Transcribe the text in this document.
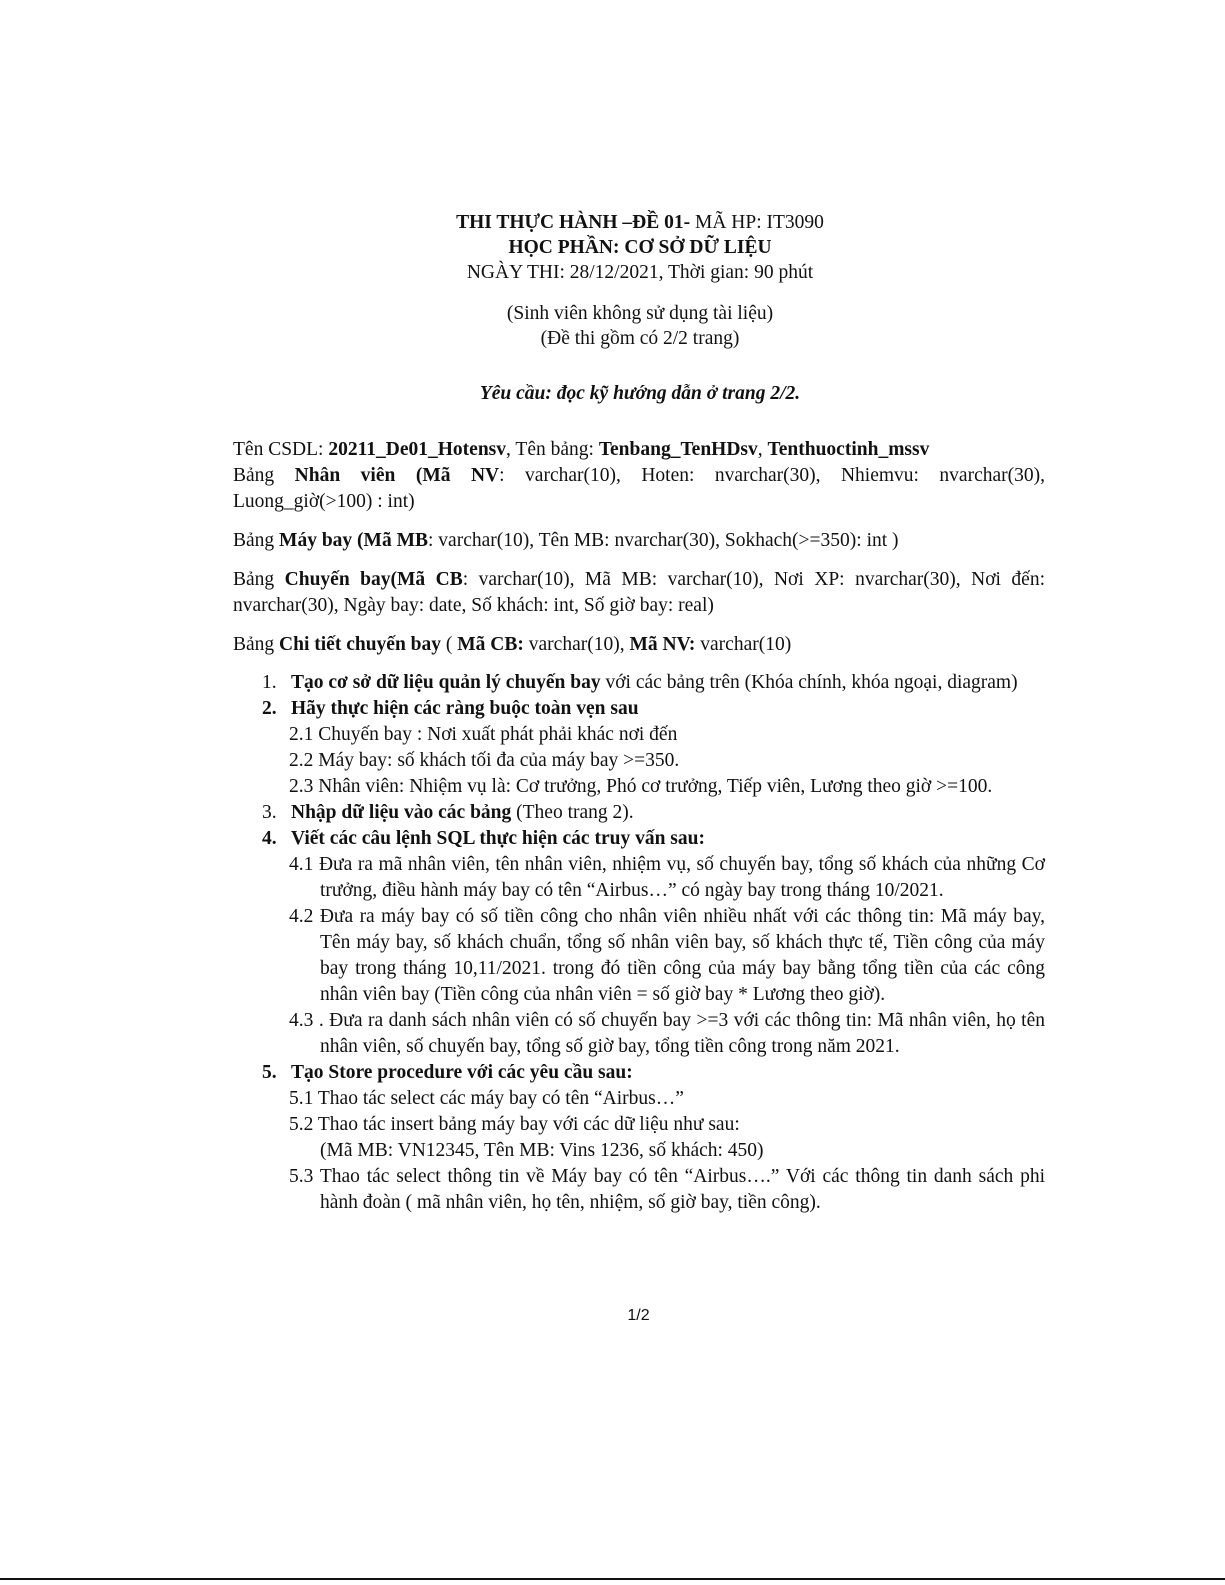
THI THỰC HÀNH –ĐỀ 01- MÃ HP: IT3090
HỌC PHẦN: CƠ SỞ DỮ LIỆU
NGÀY THI: 28/12/2021, Thời gian: 90 phút
(Sinh viên không sử dụng tài liệu)
(Đề thi gồm có 2/2 trang)
Yêu cầu: đọc kỹ hướng dẫn ở trang 2/2.

Tên CSDL: 20211_De01_Hotensv, Tên bảng: Tenbang_TenHDsv, Tenthuoctinh_mssv

Bảng Nhân viên (Mã NV: varchar(10), Hoten: nvarchar(30), Nhiemvu: nvarchar(30), Luong_giờ(>100) : int)

Bảng Máy bay (Mã MB: varchar(10), Tên MB: nvarchar(30), Sokhach(>=350): int )

Bảng Chuyến bay(Mã CB: varchar(10), Mã MB: varchar(10), Nơi XP: nvarchar(30), Nơi đến: nvarchar(30), Ngày bay: date, Số khách: int, Số giờ bay: real)

Bảng Chi tiết chuyến bay ( Mã CB: varchar(10), Mã NV: varchar(10)

1. Tạo cơ sở dữ liệu quản lý chuyến bay với các bảng trên (Khóa chính, khóa ngoại, diagram)
2. Hãy thực hiện các ràng buộc toàn vẹn sau
2.1 Chuyến bay : Nơi xuất phát phải khác nơi đến
2.2 Máy bay: số khách tối đa của máy bay >=350.
2.3 Nhân viên: Nhiệm vụ là: Cơ trưởng, Phó cơ trưởng, Tiếp viên, Lương theo giờ >=100.
3. Nhập dữ liệu vào các bảng (Theo trang 2).
4. Viết các câu lệnh SQL thực hiện các truy vấn sau:
4.1 Đưa ra mã nhân viên, tên nhân viên, nhiệm vụ, số chuyến bay, tổng số khách của những Cơ trưởng, điều hành máy bay có tên “Airbus…” có ngày bay trong tháng 10/2021.
4.2 Đưa ra máy bay có số tiền công cho nhân viên nhiều nhất với các thông tin: Mã máy bay, Tên máy bay, số khách chuẩn, tổng số nhân viên bay, số khách thực tế, Tiền công của máy bay trong tháng 10,11/2021. trong đó tiền công của máy bay bằng tổng tiền của các công nhân viên bay (Tiền công của nhân viên = số giờ bay * Lương theo giờ).
4.3 . Đưa ra danh sách nhân viên có số chuyến bay >=3 với các thông tin: Mã nhân viên, họ tên nhân viên, số chuyến bay, tổng số giờ bay, tổng tiền công trong năm 2021.
5. Tạo Store procedure với các yêu cầu sau:
5.1 Thao tác select các máy bay có tên “Airbus…”
5.2 Thao tác insert bảng máy bay với các dữ liệu như sau:
(Mã MB: VN12345, Tên MB: Vins 1236, số khách: 450)
5.3 Thao tác select thông tin về Máy bay có tên “Airbus….” Với các thông tin danh sách phi hành đoàn ( mã nhân viên, họ tên, nhiệm, số giờ bay, tiền công).
1/2
